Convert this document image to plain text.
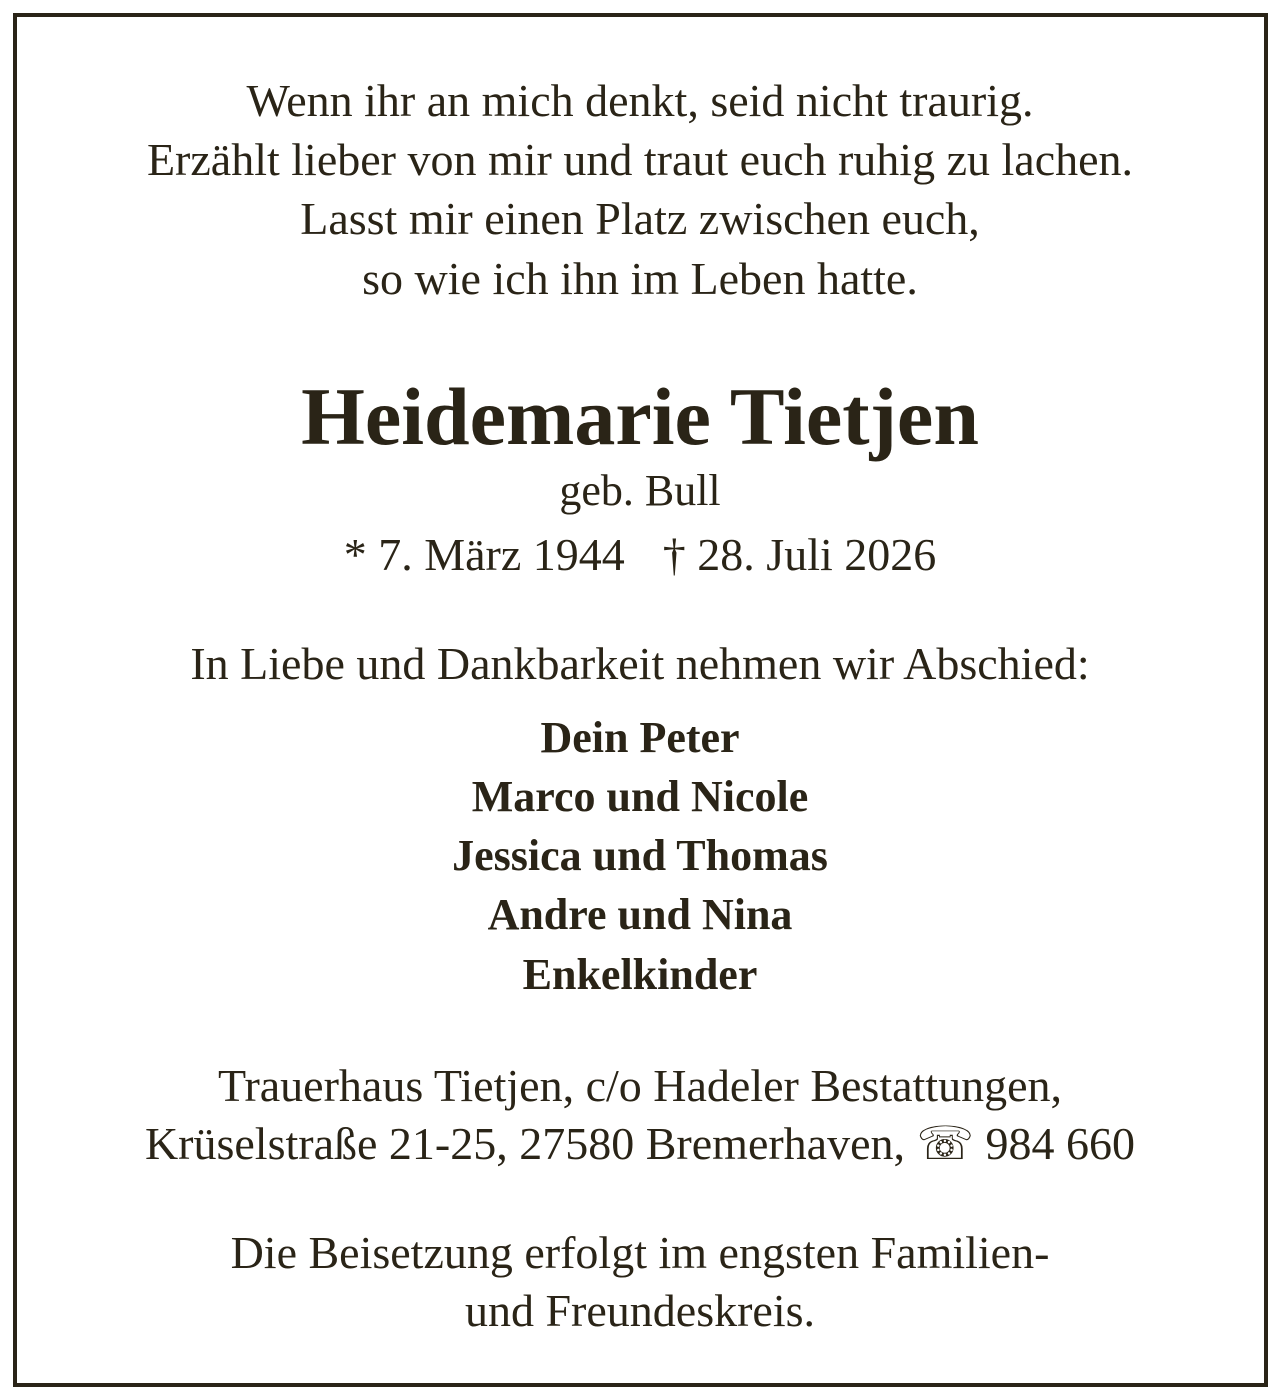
Wenn ihr an mich denkt, seid nicht traurig.
Erzählt lieber von mir und traut euch ruhig zu lachen.
Lasst mir einen Platz zwischen euch,
so wie ich ihn im Leben hatte.
Heidemarie Tietjen
geb. Bull
* 7. März 1944 † 28. Juli 2026
In Liebe und Dankbarkeit nehmen wir Abschied:
Dein Peter
Marco und Nicole
Jessica und Thomas
Andre und Nina
Enkelkinder
Trauerhaus Tietjen, c/o Hadeler Bestattungen,
Krüselstraße 21-25, 27580 Bremerhaven, ☏ 984 660
Die Beisetzung erfolgt im engsten Familien-
und Freundeskreis.
